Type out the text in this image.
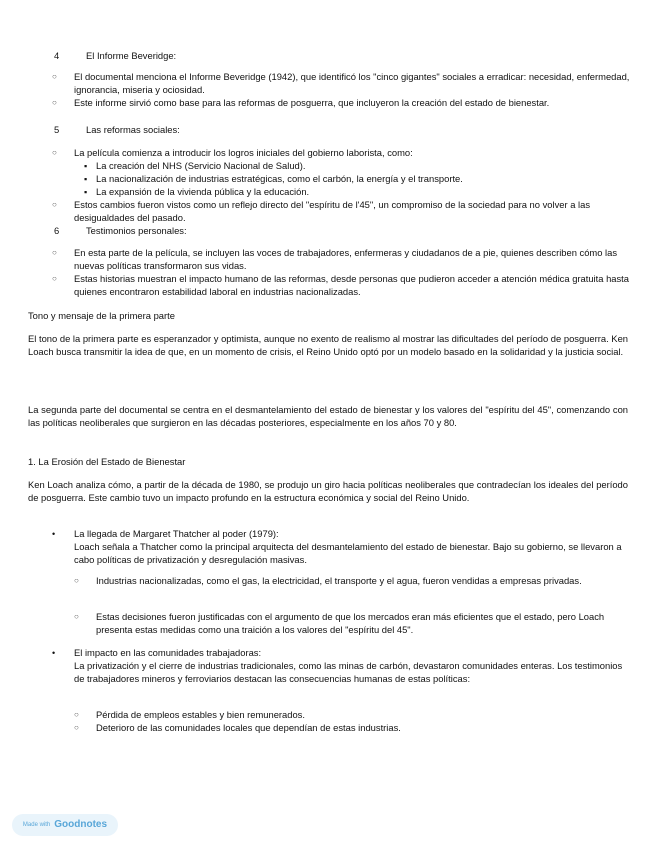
4	El Informe Beveridge:
○ El documental menciona el Informe Beveridge (1942), que identificó los "cinco gigantes" sociales a erradicar: necesidad, enfermedad, ignorancia, miseria y ociosidad.
○ Este informe sirvió como base para las reformas de posguerra, que incluyeron la creación del estado de bienestar.
5	Las reformas sociales:
○ La película comienza a introducir los logros iniciales del gobierno laborista, como:
▪ La creación del NHS (Servicio Nacional de Salud).
▪ La nacionalización de industrias estratégicas, como el carbón, la energía y el transporte.
▪ La expansión de la vivienda pública y la educación.
○ Estos cambios fueron vistos como un reflejo directo del "espíritu de l'45", un compromiso de la sociedad para no volver a las desigualdades del pasado.
6	Testimonios personales:
○ En esta parte de la película, se incluyen las voces de trabajadores, enfermeras y ciudadanos de a pie, quienes describen cómo las nuevas políticas transformaron sus vidas.
○ Estas historias muestran el impacto humano de las reformas, desde personas que pudieron acceder a atención médica gratuita hasta quienes encontraron estabilidad laboral en industrias nacionalizadas.
Tono y mensaje de la primera parte
El tono de la primera parte es esperanzador y optimista, aunque no exento de realismo al mostrar las dificultades del período de posguerra. Ken Loach busca transmitir la idea de que, en un momento de crisis, el Reino Unido optó por un modelo basado en la solidaridad y la justicia social.
La segunda parte del documental se centra en el desmantelamiento del estado de bienestar y los valores del "espíritu del 45", comenzando con las políticas neoliberales que surgieron en las décadas posteriores, especialmente en los años 70 y 80.
1. La Erosión del Estado de Bienestar
Ken Loach analiza cómo, a partir de la década de 1980, se produjo un giro hacia políticas neoliberales que contradecían los ideales del período de posguerra. Este cambio tuvo un impacto profundo en la estructura económica y social del Reino Unido.
• La llegada de Margaret Thatcher al poder (1979):
Loach señala a Thatcher como la principal arquitecta del desmantelamiento del estado de bienestar. Bajo su gobierno, se llevaron a cabo políticas de privatización y desregulación masivas.
○ Industrias nacionalizadas, como el gas, la electricidad, el transporte y el agua, fueron vendidas a empresas privadas.
○ Estas decisiones fueron justificadas con el argumento de que los mercados eran más eficientes que el estado, pero Loach presenta estas medidas como una traición a los valores del "espíritu del 45".
• El impacto en las comunidades trabajadoras:
La privatización y el cierre de industrias tradicionales, como las minas de carbón, devastaron comunidades enteras. Los testimonios de trabajadores mineros y ferroviarios destacan las consecuencias humanas de estas políticas:
○ Pérdida de empleos estables y bien remunerados.
○ Deterioro de las comunidades locales que dependían de estas industrias.
Made with Goodnotes
